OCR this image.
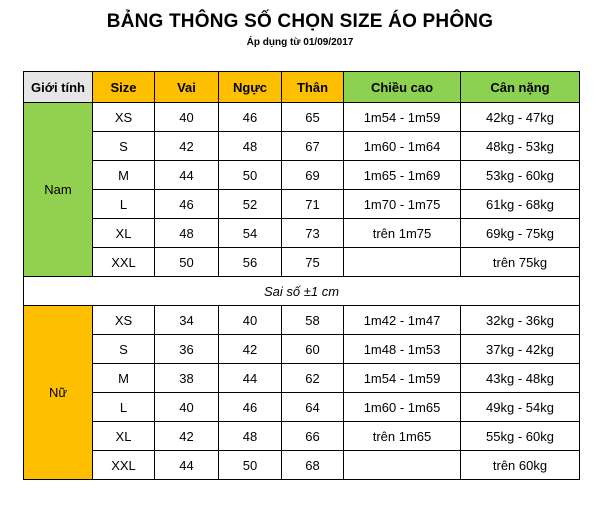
BẢNG THÔNG SỐ CHỌN SIZE ÁO PHÔNG
Áp dụng từ 01/09/2017
Giới tính	Size	Vai	Ngực	Thân	Chiều cao	Cân nặng
Nam	XS	40	46	65	1m54 - 1m59	42kg - 47kg
	S	42	48	67	1m60 - 1m64	48kg - 53kg
	M	44	50	69	1m65 - 1m69	53kg - 60kg
	L	46	52	71	1m70 - 1m75	61kg - 68kg
	XL	48	54	73	trên 1m75	69kg - 75kg
	XXL	50	56	75		trên 75kg
Sai số ±1 cm						
Nữ	XS	34	40	58	1m42 - 1m47	32kg - 36kg
	S	36	42	60	1m48 - 1m53	37kg - 42kg
	M	38	44	62	1m54 - 1m59	43kg - 48kg
	L	40	46	64	1m60 - 1m65	49kg - 54kg
	XL	42	48	66	trên 1m65	55kg - 60kg
	XXL	44	50	68		trên 60kg
